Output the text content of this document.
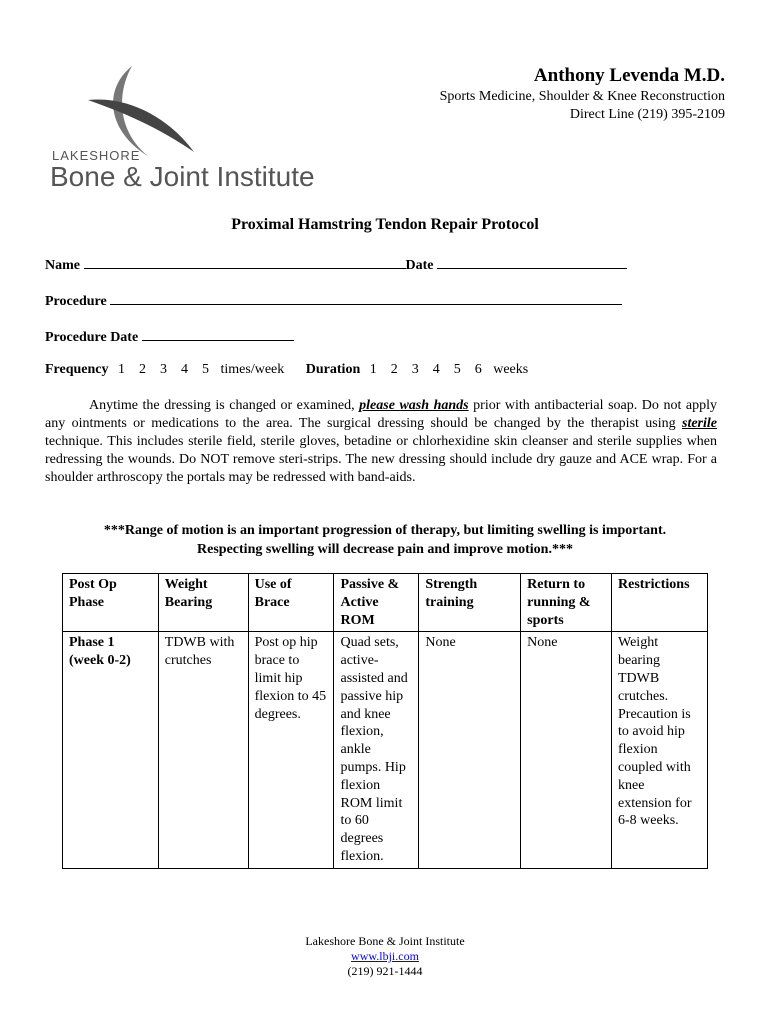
LAKESHORE
Bone & Joint Institute
Anthony Levenda M.D.
Sports Medicine, Shoulder & Knee Reconstruction
Direct Line (219) 395-2109
Proximal Hamstring Tendon Repair Protocol
Name	Date
Procedure
Procedure Date
Frequency 1 2 3 4 5 times/week Duration 1 2 3 4 5 6 weeks
Anytime the dressing is changed or examined, please wash hands prior with antibacterial soap. Do not apply any ointments or medications to the area. The surgical dressing should be changed by the therapist using sterile technique. This includes sterile field, sterile gloves, betadine or chlorhexidine skin cleanser and sterile supplies when redressing the wounds. Do NOT remove steri-strips. The new dressing should include dry gauze and ACE wrap. For a shoulder arthroscopy the portals may be redressed with band-aids.
***Range of motion is an important progression of therapy, but limiting swelling is important.
Respecting swelling will decrease pain and improve motion.***
Post Op Phase	Weight Bearing	Use of Brace	Passive & Active ROM	Strength training	Return to running & sports	Restrictions
Phase 1 (week 0-2)	TDWB with crutches	Post op hip brace to limit hip flexion to 45 degrees.	Quad sets, active-assisted and passive hip and knee flexion, ankle pumps. Hip flexion ROM limit to 60 degrees flexion.	None	None	Weight bearing TDWB crutches. Precaution is to avoid hip flexion coupled with knee extension for 6-8 weeks.
Lakeshore Bone & Joint Institute
www.lbji.com
(219) 921-1444
